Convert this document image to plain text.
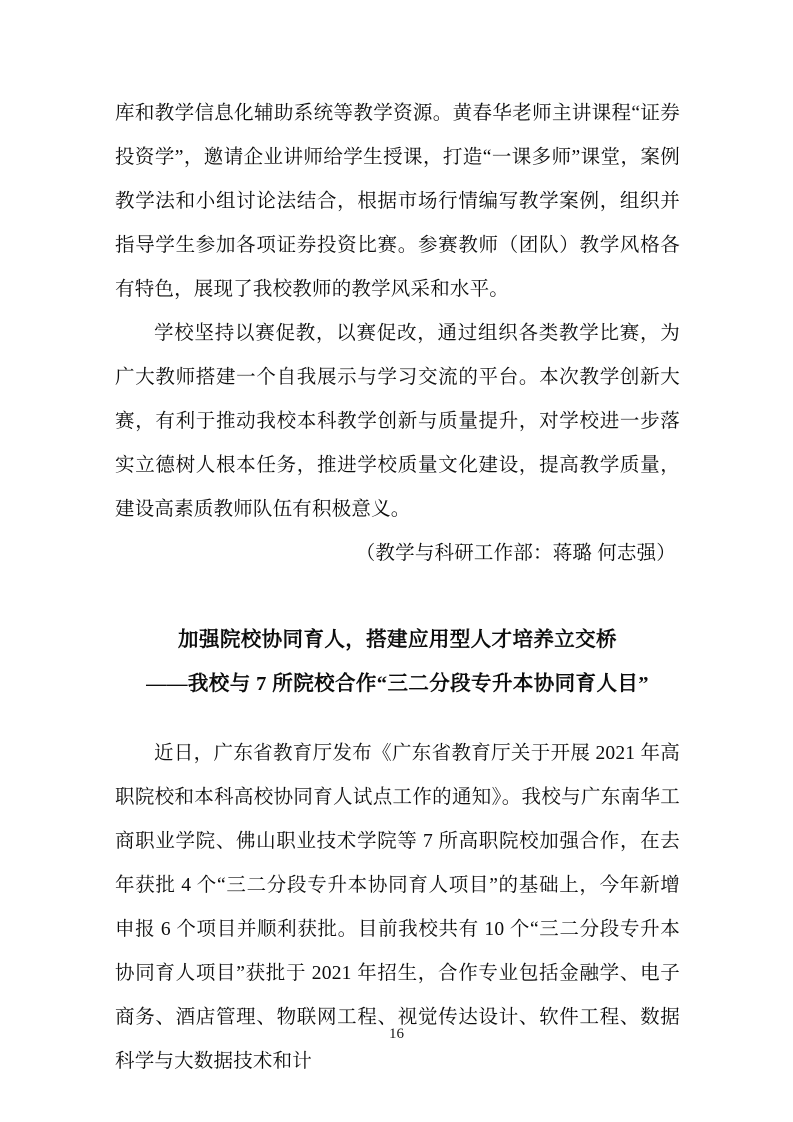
库和教学信息化辅助系统等教学资源。黄春华老师主讲课程“证券投资学”，邀请企业讲师给学生授课，打造“一课多师”课堂，案例教学法和小组讨论法结合，根据市场行情编写教学案例，组织并指导学生参加各项证券投资比赛。参赛教师（团队）教学风格各有特色，展现了我校教师的教学风采和水平。

学校坚持以赛促教，以赛促改，通过组织各类教学比赛，为广大教师搭建一个自我展示与学习交流的平台。本次教学创新大赛，有利于推动我校本科教学创新与质量提升，对学校进一步落实立德树人根本任务，推进学校质量文化建设，提高教学质量，建设高素质教师队伍有积极意义。

（教学与科研工作部：蒋璐 何志强）

加强院校协同育人，搭建应用型人才培养立交桥
——我校与 7 所院校合作“三二分段专升本协同育人目”

近日，广东省教育厅发布《广东省教育厅关于开展 2021 年高职院校和本科高校协同育人试点工作的通知》。我校与广东南华工商职业学院、佛山职业技术学院等 7 所高职院校加强合作，在去年获批 4 个“三二分段专升本协同育人项目”的基础上，今年新增申报 6 个项目并顺利获批。目前我校共有 10 个“三二分段专升本协同育人项目”获批于 2021 年招生，合作专业包括金融学、电子商务、酒店管理、物联网工程、视觉传达设计、软件工程、数据科学与大数据技术和计

16
